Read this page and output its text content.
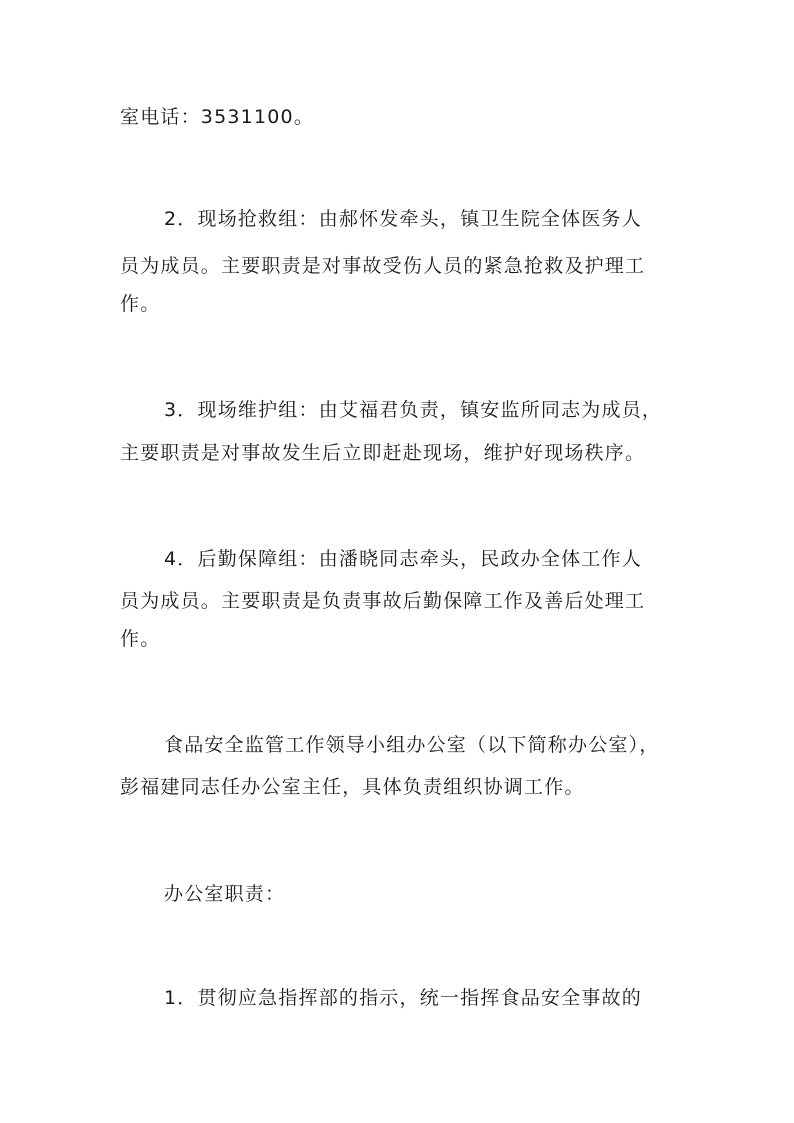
室电话：3531100。
2．现场抢救组：由郝怀发牵头，镇卫生院全体医务人
员为成员。主要职责是对事故受伤人员的紧急抢救及护理工
作。
3．现场维护组：由艾福君负责，镇安监所同志为成员，
主要职责是对事故发生后立即赶赴现场，维护好现场秩序。
4．后勤保障组：由潘晓同志牵头，民政办全体工作人
员为成员。主要职责是负责事故后勤保障工作及善后处理工
作。
食品安全监管工作领导小组办公室（以下简称办公室），
彭福建同志任办公室主任，具体负责组织协调工作。
办公室职责：
1．贯彻应急指挥部的指示，统一指挥食品安全事故的
